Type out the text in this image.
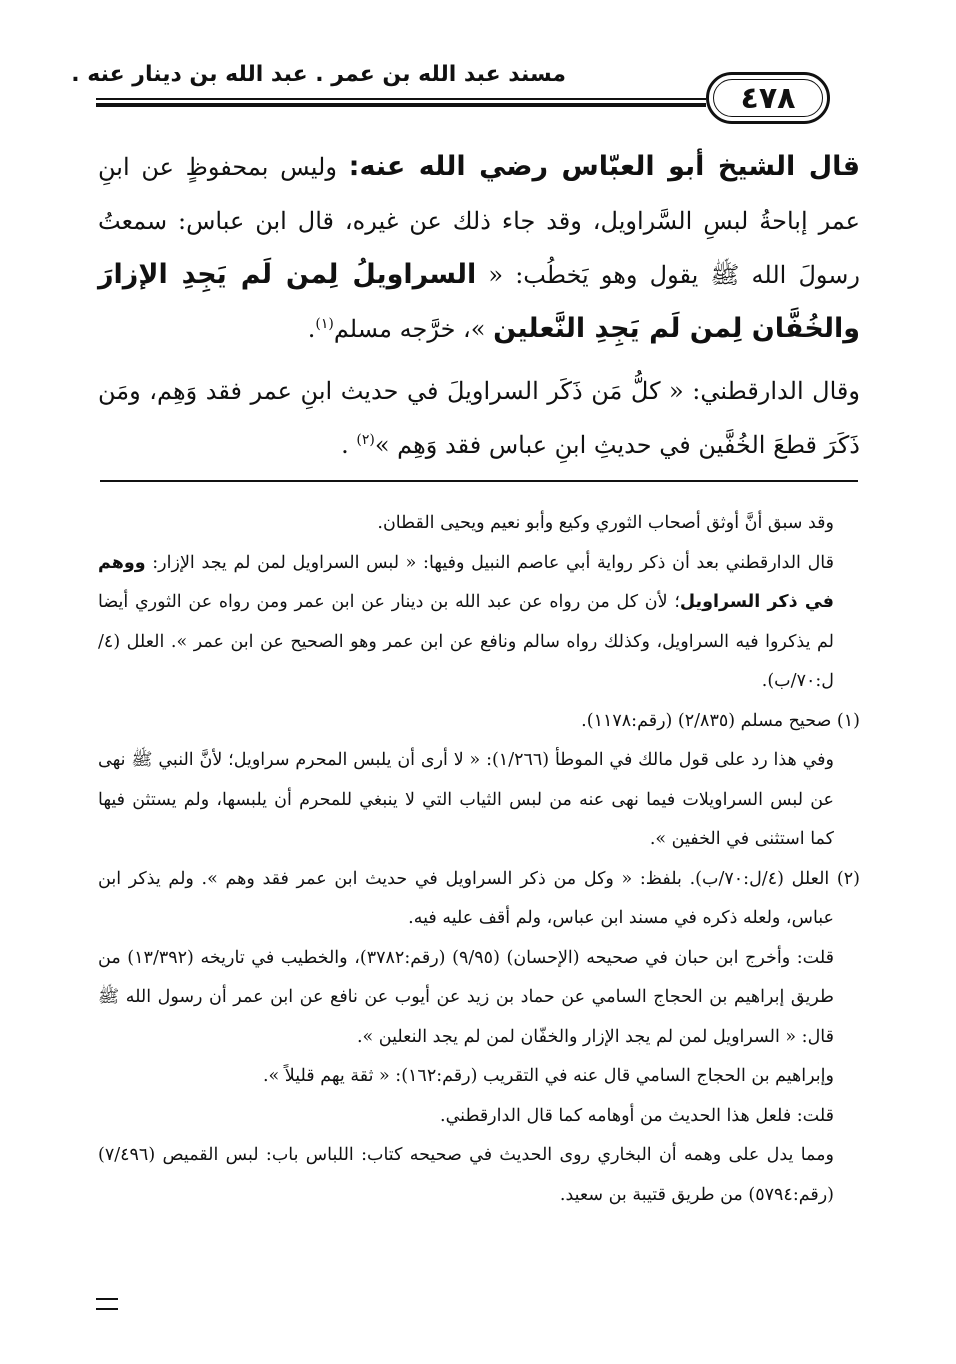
مسند عبد الله بن عمر . عبد الله بن دينار عنه .
٤٧٨

قال الشيخ أبو العبّاس رضي الله عنه: وليس بمحفوظٍ عن ابنِ عمر إباحةُ لبسِ السَّراويل، وقد جاء ذلك عن غيره، قال ابن عباس: سمعتُ رسولَ الله ﷺ يقول وهو يَخطُب: « السراويلُ لِمن لَم يَجِدِ الإزارَ والخُفَّان لِمن لَم يَجِدِ النَّعلين »، خرَّجه مسلم$^{(١)}$.

وقال الدارقطني: « كلُّ مَن ذَكَر السراويلَ في حديث ابنِ عمر فقد وَهِم، ومَن ذَكَرَ قطعَ الخُفَّين في حديثِ ابنِ عباس فقد وَهِم »$^{(٢)}$ .

وقد سبق أنَّ أوثق أصحاب الثوري وكيع وأبو نعيم ويحيى القطان.

قال الدارقطني بعد أن ذكر رواية أبي عاصم النبيل وفيها: « لبس السراويل لمن لم يجد الإزار: ووهم في ذكر السراويل؛ لأن كل من رواه عن عبد الله بن دينار عن ابن عمر ومن رواه عن الثوري أيضا لم يذكروا فيه السراويل، وكذلك رواه سالم ونافع عن ابن عمر وهو الصحيح عن ابن عمر ». العلل (٤/ل:٧٠/ب).

(١) صحيح مسلم (٢/٨٣٥) (رقم:١١٧٨).

وفي هذا رد على قول مالك في الموطأ (١/٢٦٦): « لا أرى أن يلبس المحرم سراويل؛ لأنَّ النبي ﷺ نهى عن لبس السراويلات فيما نهى عنه من لبس الثياب التي لا ينبغي للمحرم أن يلبسها، ولم يستثن فيها كما استثنى في الخفين ».

(٢) العلل (٤/ل:٧٠/ب). بلفظ: « وكل من ذكر السراويل في حديث ابن عمر فقد وهم ». ولم يذكر ابن عباس، ولعله ذكره في مسند ابن عباس، ولم أقف عليه فيه.

قلت: وأخرج ابن حبان في صحيحه (الإحسان) (٩/٩٥) (رقم:٣٧٨٢)، والخطيب في تاريخه (١٣/٣٩٢) من طريق إبراهيم بن الحجاج السامي عن حماد بن زيد عن أيوب عن نافع عن ابن عمر أن رسول الله ﷺ قال: « السراويل لمن لم يجد الإزار والخفّان لمن لم يجد النعلين ».

وإبراهيم بن الحجاج السامي قال عنه في التقريب (رقم:١٦٢): « ثقة يهم قليلاً ».

قلت: فلعل هذا الحديث من أوهامه كما قال الدارقطني.

ومما يدل على وهمه أن البخاري روى الحديث في صحيحه كتاب: اللباس باب: لبس القميص (٧/٤٩٦) (رقم:٥٧٩٤) من طريق قتيبة بن سعيد.
